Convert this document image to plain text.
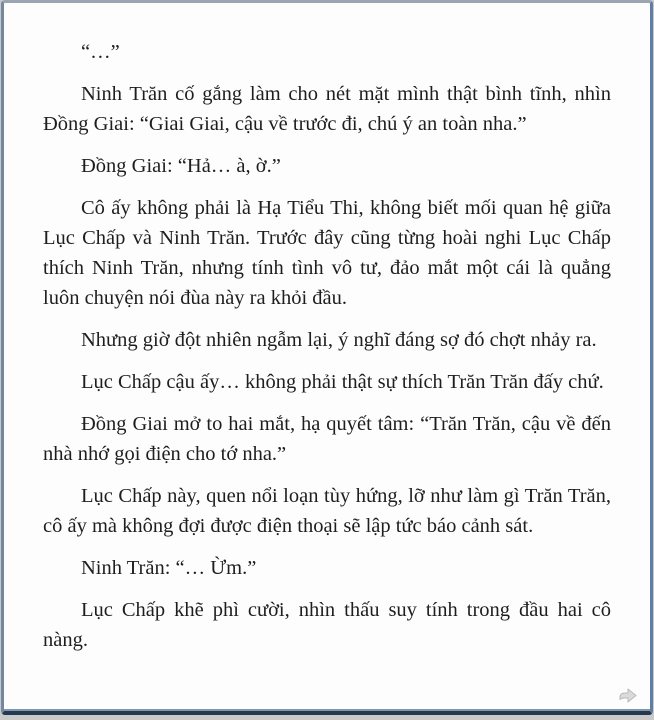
“…”

Ninh Trăn cố gắng làm cho nét mặt mình thật bình tĩnh, nhìn Đồng Giai: “Giai Giai, cậu về trước đi, chú ý an toàn nha.”

Đồng Giai: “Hả… à, ờ.”

Cô ấy không phải là Hạ Tiểu Thi, không biết mối quan hệ giữa Lục Chấp và Ninh Trăn. Trước đây cũng từng hoài nghi Lục Chấp thích Ninh Trăn, nhưng tính tình vô tư, đảo mắt một cái là quẳng luôn chuyện nói đùa này ra khỏi đầu.

Nhưng giờ đột nhiên ngẫm lại, ý nghĩ đáng sợ đó chợt nhảy ra.

Lục Chấp cậu ấy… không phải thật sự thích Trăn Trăn đấy chứ.

Đồng Giai mở to hai mắt, hạ quyết tâm: “Trăn Trăn, cậu về đến nhà nhớ gọi điện cho tớ nha.”

Lục Chấp này, quen nổi loạn tùy hứng, lỡ như làm gì Trăn Trăn, cô ấy mà không đợi được điện thoại sẽ lập tức báo cảnh sát.

Ninh Trăn: “… Ừm.”

Lục Chấp khẽ phì cười, nhìn thấu suy tính trong đầu hai cô nàng.
